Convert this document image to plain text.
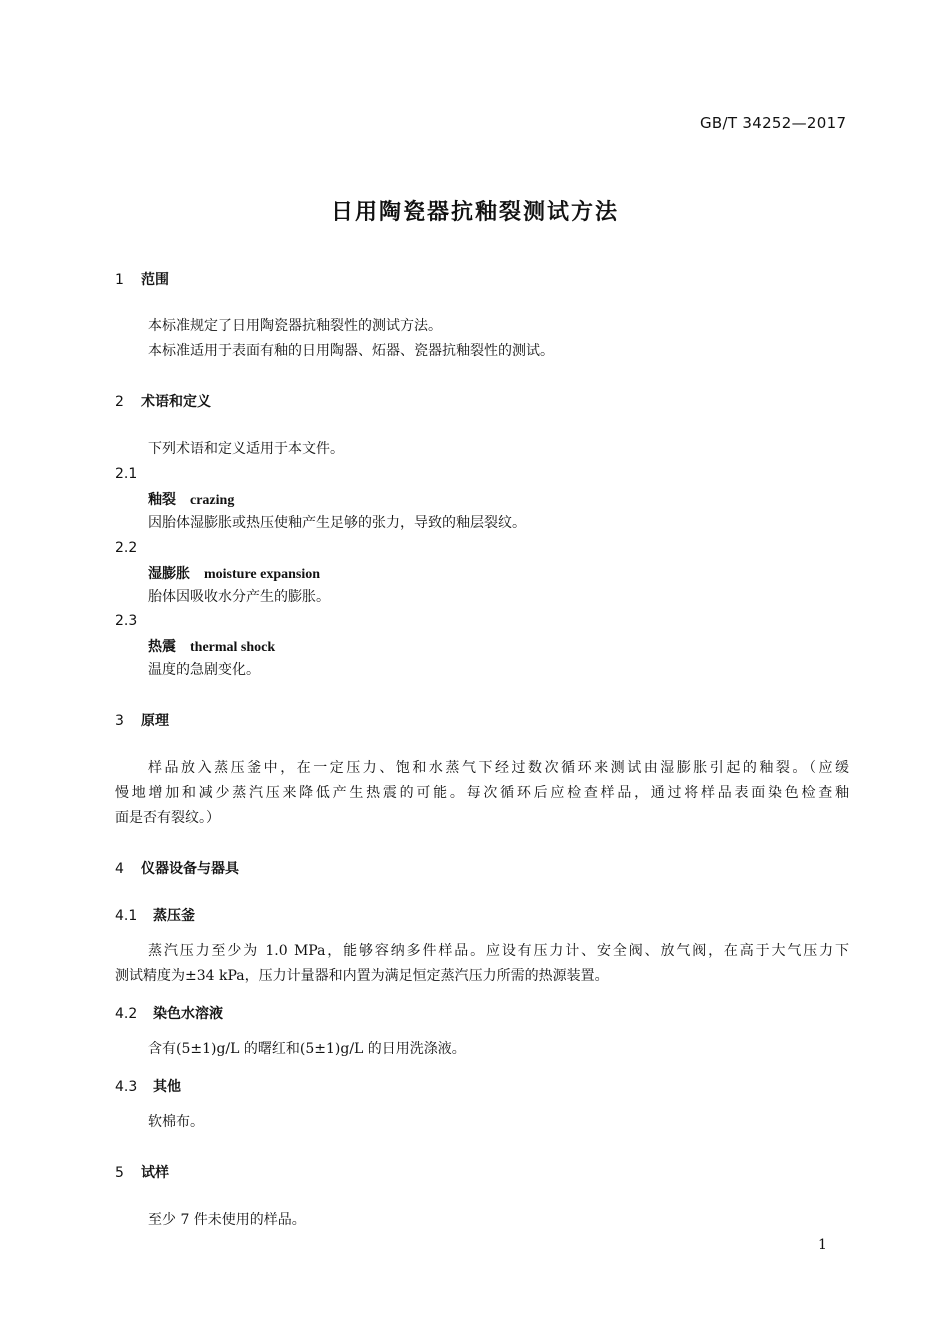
GB/T 34252—2017
日用陶瓷器抗釉裂测试方法
1 范围
本标准规定了日用陶瓷器抗釉裂性的测试方法。
本标准适用于表面有釉的日用陶器、炻器、瓷器抗釉裂性的测试。
2 术语和定义
下列术语和定义适用于本文件。
2.1
釉裂 crazing
因胎体湿膨胀或热压使釉产生足够的张力，导致的釉层裂纹。
2.2
湿膨胀 moisture expansion
胎体因吸收水分产生的膨胀。
2.3
热震 thermal shock
温度的急剧变化。
3 原理
样品放入蒸压釜中，在一定压力、饱和水蒸气下经过数次循环来测试由湿膨胀引起的釉裂。（应缓
慢地增加和减少蒸汽压来降低产生热震的可能。每次循环后应检查样品，通过将样品表面染色检查釉
面是否有裂纹。）
4 仪器设备与器具
4.1 蒸压釜
蒸汽压力至少为 1.0 MPa，能够容纳多件样品。应设有压力计、安全阀、放气阀，在高于大气压力下
测试精度为±34 kPa，压力计量器和内置为满足恒定蒸汽压力所需的热源装置。
4.2 染色水溶液
含有(5±1)g/L 的曙红和(5±1)g/L 的日用洗涤液。
4.3 其他
软棉布。
5 试样
至少 7 件未使用的样品。
1
